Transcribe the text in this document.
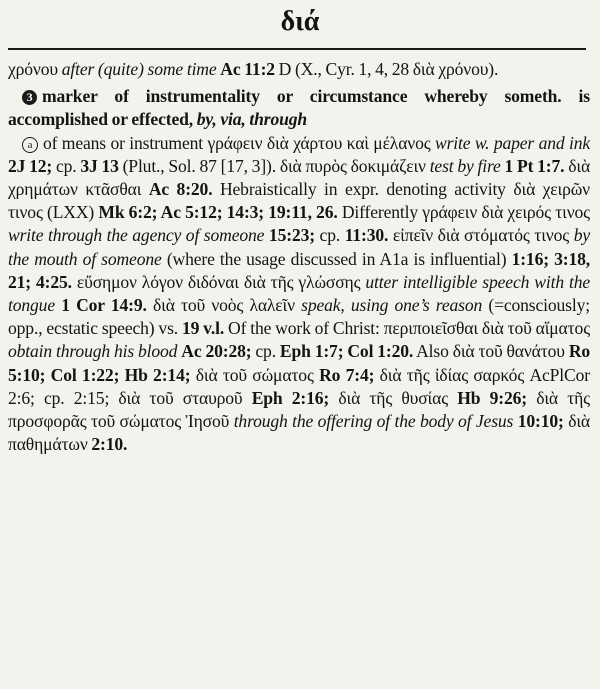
διά

χρόνου after (quite) some time Ac 11:2 D (X., Cyr. 1, 4, 28 διὰ χρόνου).

3 marker of instrumentality or circumstance whereby someth. is accomplished or effected, by, via, through

a of means or instrument γράφειν διὰ χάρτου καὶ μέλανος write w. paper and ink 2J 12; cp. 3J 13 (Plut., Sol. 87 [17, 3]). διὰ πυρὸς δοκιμάζειν test by fire 1 Pt 1:7. διὰ χρημάτων κτᾶσθαι Ac 8:20. Hebraistically in expr. denoting activity διὰ χειρῶν τινος (LXX) Mk 6:2; Ac 5:12; 14:3; 19:11, 26. Differently γράφειν διὰ χειρός τινος write through the agency of someone 15:23; cp. 11:30. εἰπεῖν διὰ στόματός τινος by the mouth of someone (where the usage discussed in A1a is influential) 1:16; 3:18, 21; 4:25. εὔσημον λόγον διδόναι διὰ τῆς γλώσσης utter intelligible speech with the tongue 1 Cor 14:9. διὰ τοῦ νοὸς λαλεῖν speak, using one’s reason (=consciously; opp., ecstatic speech) vs. 19 v.l. Of the work of Christ: περιποιεῖσθαι διὰ τοῦ αἵματος obtain through his blood Ac 20:28; cp. Eph 1:7; Col 1:20. Also διὰ τοῦ θανάτου Ro 5:10; Col 1:22; Hb 2:14; διὰ τοῦ σώματος Ro 7:4; διὰ τῆς ἰδίας σαρκός AcPlCor 2:6; cp. 2:15; διὰ τοῦ σταυροῦ Eph 2:16; διὰ τῆς θυσίας Hb 9:26; διὰ τῆς προσφορᾶς τοῦ σώματος Ἰησοῦ through the offering of the body of Jesus 10:10; διὰ παθημάτων 2:10.
